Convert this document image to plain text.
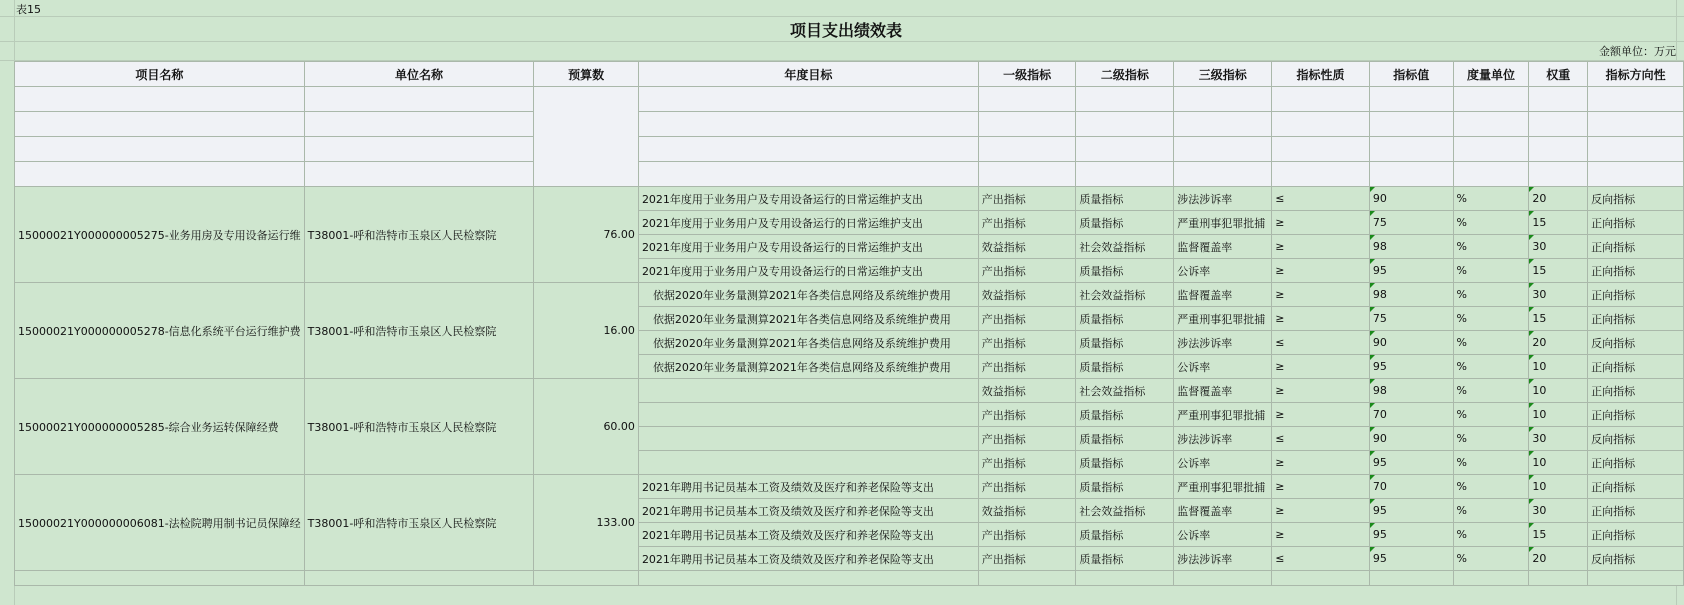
表15
项目支出绩效表
金额单位：万元
项目名称	单位名称	预算数	年度目标	一级指标	二级指标	三级指标	指标性质	指标值	度量单位	权重	指标方向性

15000021Y000000005275-业务用房及专用设备运行维	T38001-呼和浩特市玉泉区人民检察院	76.00	2021年度用于业务用户及专用设备运行的日常运维护支出	产出指标	质量指标	涉法涉诉率	≤	90	%	20	反向指标
			2021年度用于业务用户及专用设备运行的日常运维护支出	产出指标	质量指标	严重刑事犯罪批捕	≥	75	%	15	正向指标
			2021年度用于业务用户及专用设备运行的日常运维护支出	效益指标	社会效益指标	监督覆盖率	≥	98	%	30	正向指标
			2021年度用于业务用户及专用设备运行的日常运维护支出	产出指标	质量指标	公诉率	≥	95	%	15	正向指标
15000021Y000000005278-信息化系统平台运行维护费	T38001-呼和浩特市玉泉区人民检察院	16.00	依据2020年业务量测算2021年各类信息网络及系统维护费用	效益指标	社会效益指标	监督覆盖率	≥	98	%	30	正向指标
			依据2020年业务量测算2021年各类信息网络及系统维护费用	产出指标	质量指标	严重刑事犯罪批捕	≥	75	%	15	正向指标
			依据2020年业务量测算2021年各类信息网络及系统维护费用	产出指标	质量指标	涉法涉诉率	≤	90	%	20	反向指标
			依据2020年业务量测算2021年各类信息网络及系统维护费用	产出指标	质量指标	公诉率	≥	95	%	10	正向指标
15000021Y000000005285-综合业务运转保障经费	T38001-呼和浩特市玉泉区人民检察院	60.00		效益指标	社会效益指标	监督覆盖率	≥	98	%	10	正向指标
				产出指标	质量指标	严重刑事犯罪批捕	≥	70	%	10	正向指标
				产出指标	质量指标	涉法涉诉率	≤	90	%	30	反向指标
				产出指标	质量指标	公诉率	≥	95	%	10	正向指标
15000021Y000000006081-法检院聘用制书记员保障经	T38001-呼和浩特市玉泉区人民检察院	133.00	2021年聘用书记员基本工资及绩效及医疗和养老保险等支出	产出指标	质量指标	严重刑事犯罪批捕	≥	70	%	10	正向指标
			2021年聘用书记员基本工资及绩效及医疗和养老保险等支出	效益指标	社会效益指标	监督覆盖率	≥	95	%	30	正向指标
			2021年聘用书记员基本工资及绩效及医疗和养老保险等支出	产出指标	质量指标	公诉率	≥	95	%	15	正向指标
			2021年聘用书记员基本工资及绩效及医疗和养老保险等支出	产出指标	质量指标	涉法涉诉率	≤	95	%	20	反向指标
